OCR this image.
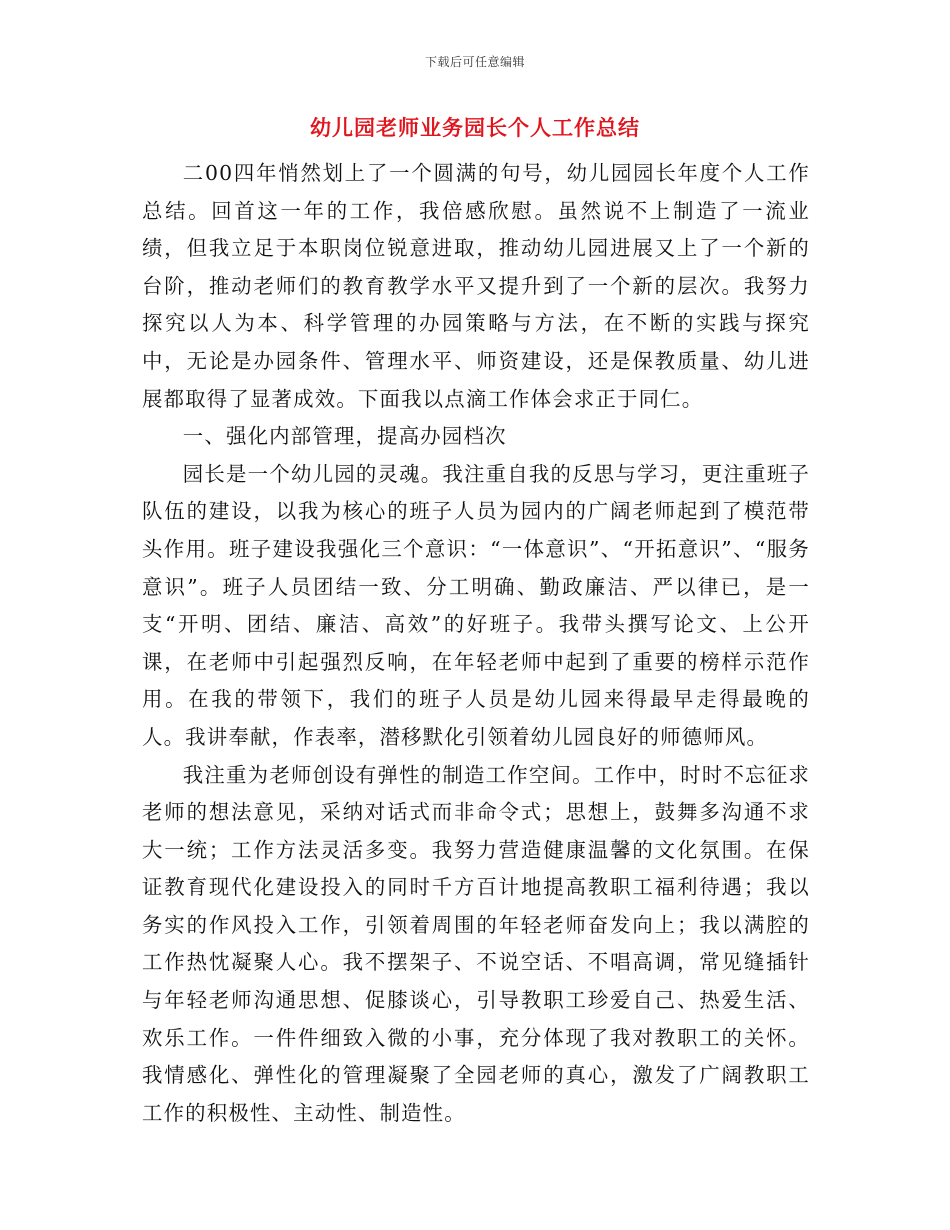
下载后可任意编辑
幼儿园老师业务园长个人工作总结

二00四年悄然划上了一个圆满的句号，幼儿园园长年度个人工作总结。回首这一年的工作，我倍感欣慰。虽然说不上制造了一流业绩，但我立足于本职岗位锐意进取，推动幼儿园进展又上了一个新的台阶，推动老师们的教育教学水平又提升到了一个新的层次。我努力探究以人为本、科学管理的办园策略与方法，在不断的实践与探究中，无论是办园条件、管理水平、师资建设，还是保教质量、幼儿进展都取得了显著成效。下面我以点滴工作体会求正于同仁。

一、强化内部管理，提高办园档次

园长是一个幼儿园的灵魂。我注重自我的反思与学习，更注重班子队伍的建设，以我为核心的班子人员为园内的广阔老师起到了模范带头作用。班子建设我强化三个意识：“一体意识”、“开拓意识”、“服务意识”。班子人员团结一致、分工明确、勤政廉洁、严以律已，是一支“开明、团结、廉洁、高效”的好班子。我带头撰写论文、上公开课，在老师中引起强烈反响，在年轻老师中起到了重要的榜样示范作用。在我的带领下，我们的班子人员是幼儿园来得最早走得最晚的人。我讲奉献，作表率，潜移默化引领着幼儿园良好的师德师风。

我注重为老师创设有弹性的制造工作空间。工作中，时时不忘征求老师的想法意见，采纳对话式而非命令式；思想上，鼓舞多沟通不求大一统；工作方法灵活多变。我努力营造健康温馨的文化氛围。在保证教育现代化建设投入的同时千方百计地提高教职工福利待遇；我以务实的作风投入工作，引领着周围的年轻老师奋发向上；我以满腔的工作热忱凝聚人心。我不摆架子、不说空话、不唱高调，常见缝插针与年轻老师沟通思想、促膝谈心，引导教职工珍爱自己、热爱生活、欢乐工作。一件件细致入微的小事，充分体现了我对教职工的关怀。我情感化、弹性化的管理凝聚了全园老师的真心，激发了广阔教职工工作的积极性、主动性、制造性。
